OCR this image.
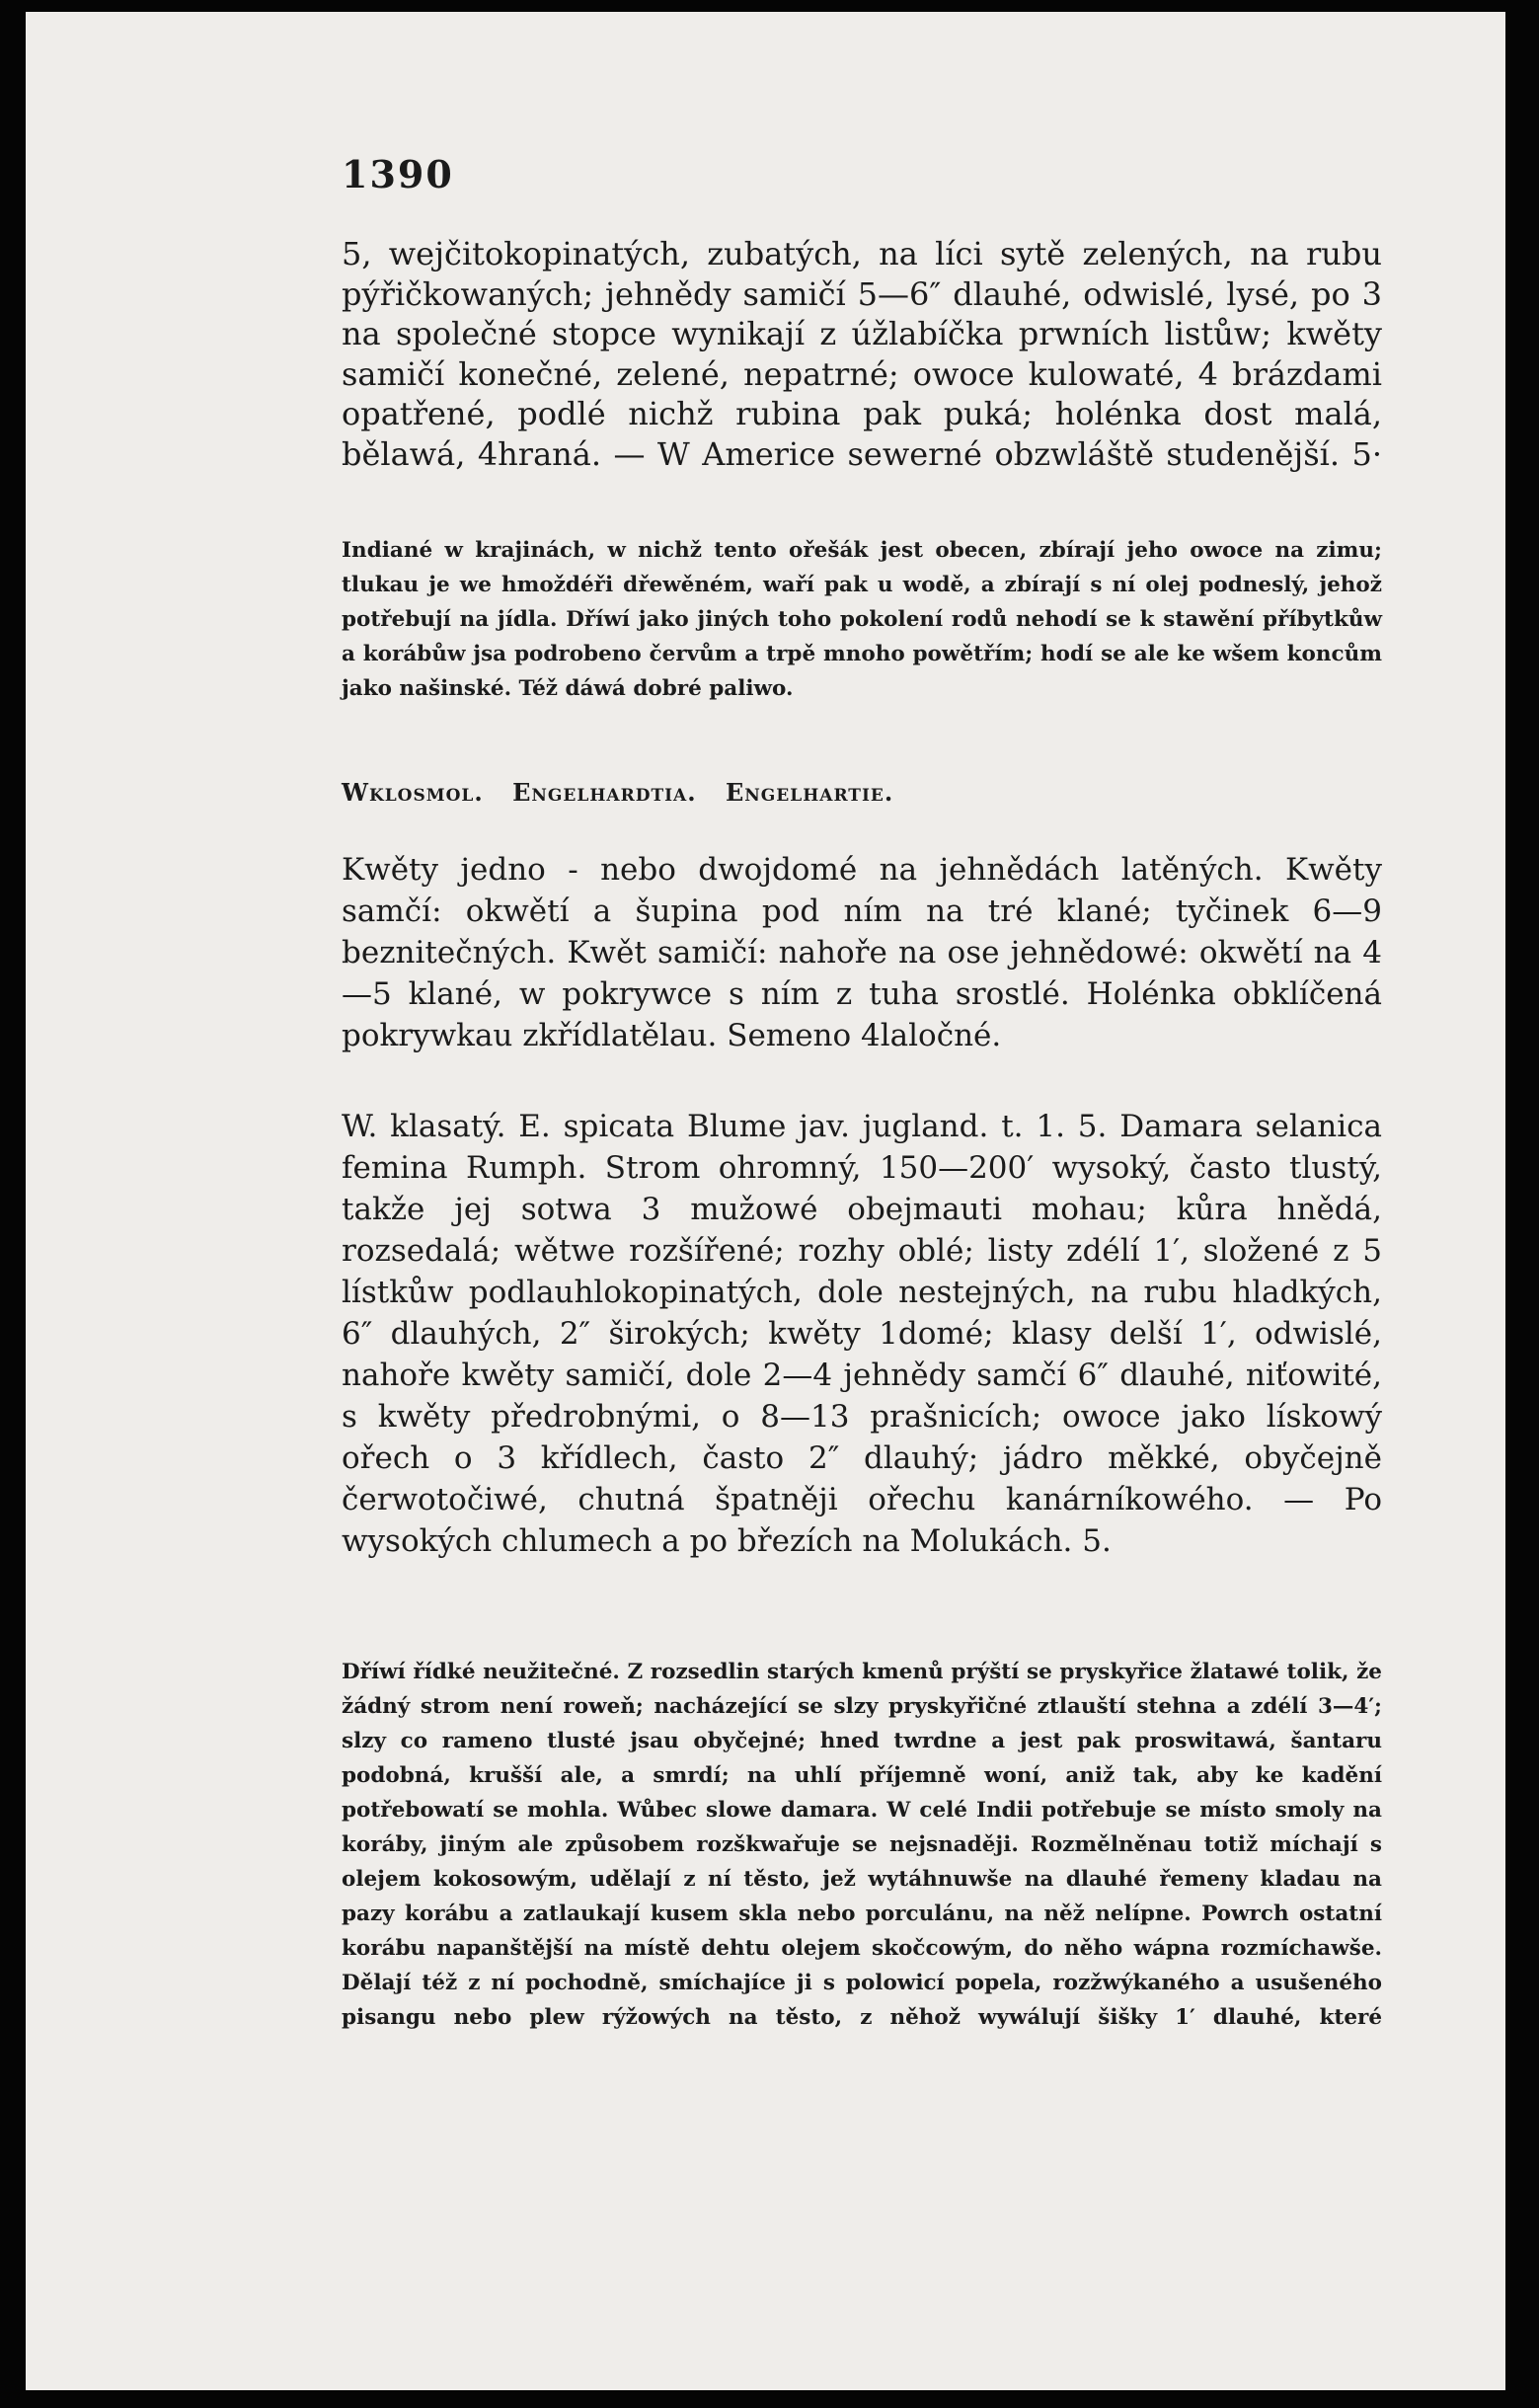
1390

5, wejčitokopinatých, zubatých, na líci sytě zelených, na rubu pýřičkowaných; jehnědy samičí 5—6″ dlauhé, odwislé, lysé, po 3 na společné stopce wynikají z úžlabíčka prwních listůw; kwěty samičí konečné, zelené, nepatrné; owoce kulowaté, 4 brázdami opatřené, podlé nichž rubina pak puká; holénka dost malá, bělawá, 4hraná. — W Americe sewerné obzwláště studenější. 5·

Indiané w krajinách, w nichž tento ořešák jest obecen, zbírají jeho owoce na zimu; tlukau je we hmoždéři dřewěném, waří pak u wodě, a zbírají s ní olej podneslý, jehož potřebují na jídla. Dříwí jako jiných toho pokolení rodů nehodí se k stawění příbytkůw a korábůw jsa podrobeno červům a trpě mnoho powětřím; hodí se ale ke wšem koncům jako našinské. Též dáwá dobré paliwo.

Wklosmol. Engelhardtia. Engelhartie.

Kwěty jedno - nebo dwojdomé na jehnědách latěných. Kwěty samčí: okwětí a šupina pod ním na tré klané; tyčinek 6—9 beznitečných. Kwět samičí: nahoře na ose jehnědowé: okwětí na 4—5 klané, w pokrywce s ním z tuha srostlé. Holénka obklíčená pokrywkau zkřídlatělau. Semeno 4laločné.

W. klasatý. E. spicata Blume jav. jugland. t. 1. 5. Damara selanica femina Rumph. Strom ohromný, 150—200′ wysoký, často tlustý, takže jej sotwa 3 mužowé obejmauti mohau; kůra hnědá, rozsedalá; wětwe rozšířené; rozhy oblé; listy zdélí 1′, složené z 5 lístkůw podlauhlokopinatých, dole nestejných, na rubu hladkých, 6″ dlauhých, 2″ širokých; kwěty 1domé; klasy delší 1′, odwislé, nahoře kwěty samičí, dole 2—4 jehnědy samčí 6″ dlauhé, niťowité, s kwěty předrobnými, o 8—13 prašnicích; owoce jako lískowý ořech o 3 křídlech, často 2″ dlauhý; jádro měkké, obyčejně čerwotočiwé, chutná špatněji ořechu kanárníkowého. — Po wysokých chlumech a po březích na Molukách. 5.

Dříwí řídké neužitečné. Z rozsedlin starých kmenů prýští se pryskyřice žlatawé tolik, že žádný strom není roweň; nacházející se slzy pryskyřičné ztlauští stehna a zdélí 3—4′; slzy co rameno tlusté jsau obyčejné; hned twrdne a jest pak proswitawá, šantaru podobná, krušší ale, a smrdí; na uhlí příjemně woní, aniž tak, aby ke kadění potřebowatí se mohla. Wůbec slowe damara. W celé Indii potřebuje se místo smoly na koráby, jiným ale způsobem rozškwařuje se nejsnaději. Rozmělněnau totiž míchají s olejem kokosowým, udělají z ní těsto, jež wytáhnuwše na dlauhé řemeny kladau na pazy korábu a zatlaukají kusem skla nebo porculánu, na něž nelípne. Powrch ostatní korábu napanštější na místě dehtu olejem skočcowým, do něho wápna rozmíchawše. Dělají též z ní pochodně, smíchajíce ji s polowicí popela, rozžwýkaného a usušeného pisangu nebo plew rýžowých na těsto, z něhož wywálují šišky 1′ dlauhé, které
